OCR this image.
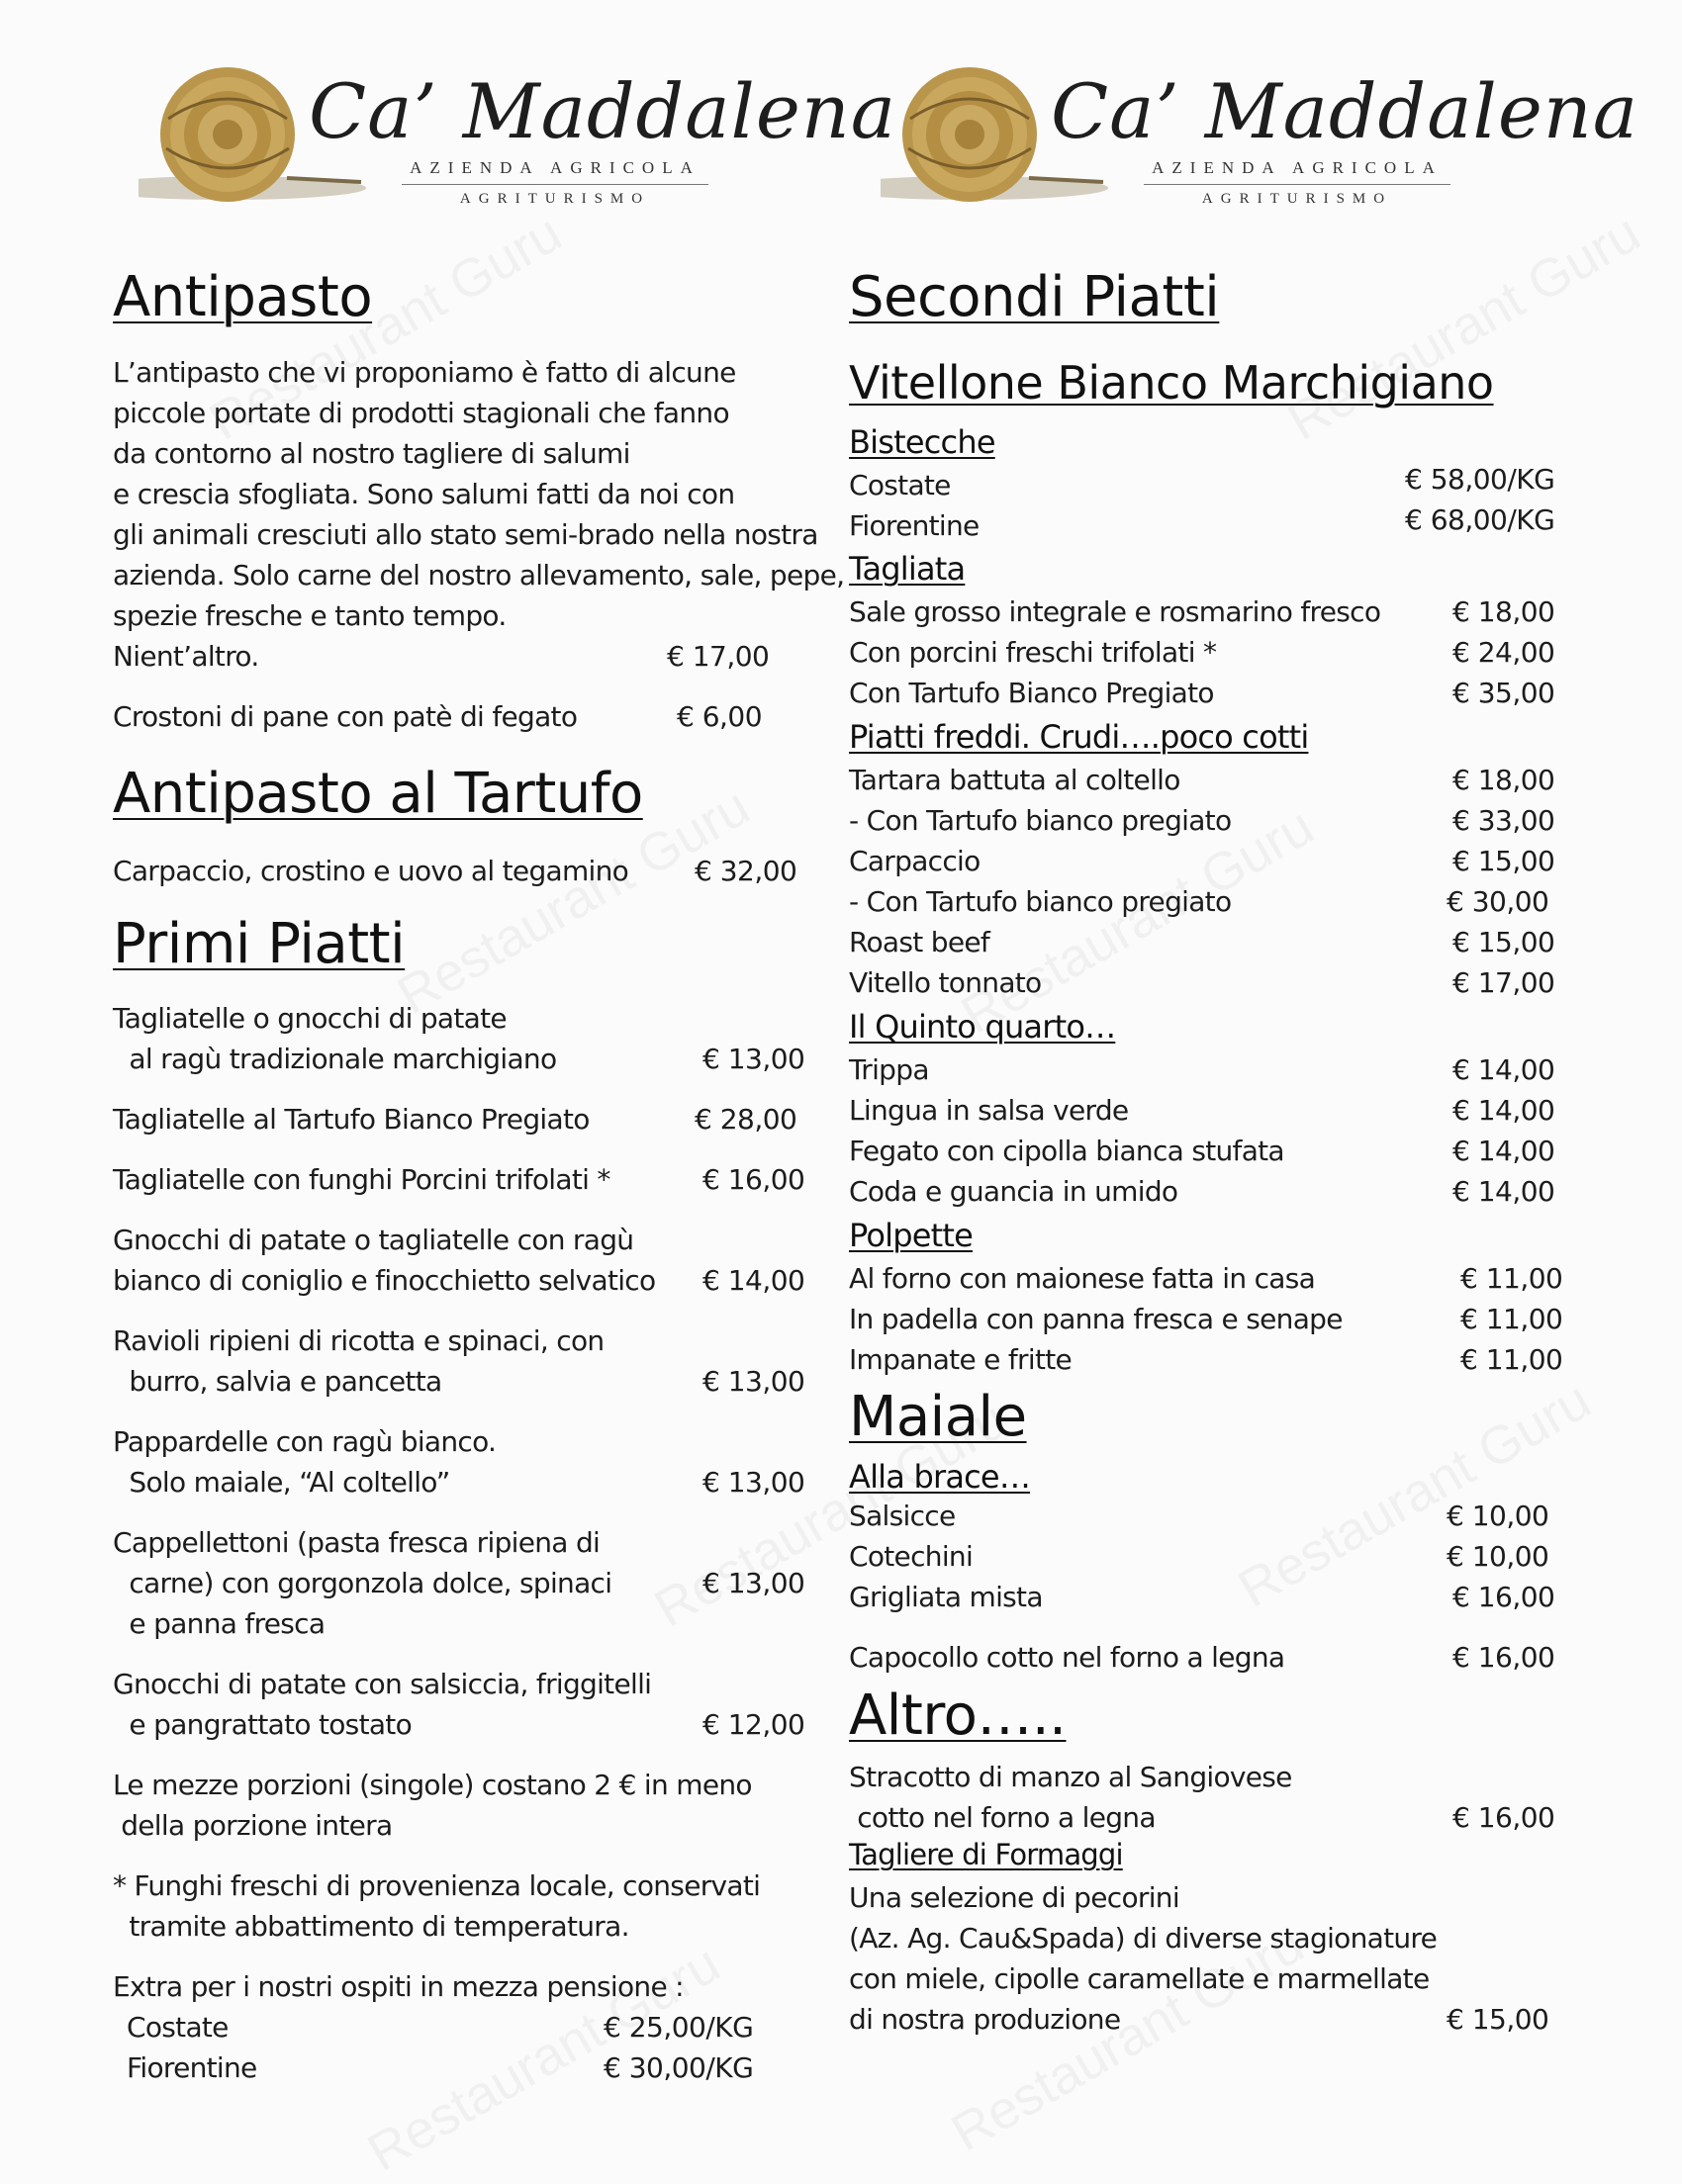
Ca’ Maddalena
AZIENDA AGRICOLA
AGRITURISMO
Ca’ Maddalena
AZIENDA AGRICOLA
AGRITURISMO
Antipasto
L’antipasto che vi proponiamo è fatto di alcune
piccole portate di prodotti stagionali che fanno
da contorno al nostro tagliere di salumi
e crescia sfogliata. Sono salumi fatti da noi con
gli animali cresciuti allo stato semi-brado nella nostra
azienda. Solo carne del nostro allevamento, sale, pepe,
spezie fresche e tanto tempo.
Nient’altro.	€ 17,00
Crostoni di pane con patè di fegato	€ 6,00
Antipasto al Tartufo
Carpaccio, crostino e uovo al tegamino € 32,00
Primi Piatti
Tagliatelle o gnocchi di patate
al ragù tradizionale marchigiano	€ 13,00
Tagliatelle al Tartufo Bianco Pregiato	€ 28,00
Tagliatelle con funghi Porcini trifolati *	€ 16,00
Gnocchi di patate o tagliatelle con ragù
bianco di coniglio e finocchietto selvatico € 14,00
Ravioli ripieni di ricotta e spinaci, con
burro, salvia e pancetta	€ 13,00
Pappardelle con ragù bianco.
Solo maiale, “Al coltello”	€ 13,00
Cappellettoni (pasta fresca ripiena di
carne) con gorgonzola dolce, spinaci
e panna fresca
€ 13,00
Gnocchi di patate con salsiccia, friggitelli
e pangrattato tostato	€ 12,00
Le mezze porzioni (singole) costano 2 € in meno
della porzione intera
* Funghi freschi di provenienza locale, conservati
tramite abbattimento di temperatura.
Extra per i nostri ospiti in mezza pensione :
Costate	€ 25,00/KG
Fiorentine	€ 30,00/KG
Secondi Piatti
Vitellone Bianco Marchigiano
Bistecche
Costate	€ 58,00/KG
Fiorentine	€ 68,00/KG
Tagliata
Sale grosso integrale e rosmarino fresco	€ 18,00
Con porcini freschi trifolati *	€ 24,00
Con Tartufo Bianco Pregiato	€ 35,00
Piatti freddi. Crudi….poco cotti
Tartara battuta al coltello	€ 18,00
- Con Tartufo bianco pregiato	€ 33,00
Carpaccio	€ 15,00
- Con Tartufo bianco pregiato	€ 30,00
Roast beef	€ 15,00
Vitello tonnato	€ 17,00
Il Quinto quarto…
Trippa	€ 14,00
Lingua in salsa verde	€ 14,00
Fegato con cipolla bianca stufata	€ 14,00
Coda e guancia in umido	€ 14,00
Polpette
Al forno con maionese fatta in casa	€ 11,00
In padella con panna fresca e senape	€ 11,00
Impanate e fritte	€ 11,00
Maiale
Alla brace…
Salsicce	€ 10,00
Cotechini	€ 10,00
Grigliata mista	€ 16,00
Capocollo cotto nel forno a legna	€ 16,00
Altro…..
Stracotto di manzo al Sangiovese
cotto nel forno a legna	€ 16,00
Tagliere di Formaggi
Una selezione di pecorini
(Az. Ag. Cau&Spada) di diverse stagionature
con miele, cipolle caramellate e marmellate
di nostra produzione	€ 15,00
